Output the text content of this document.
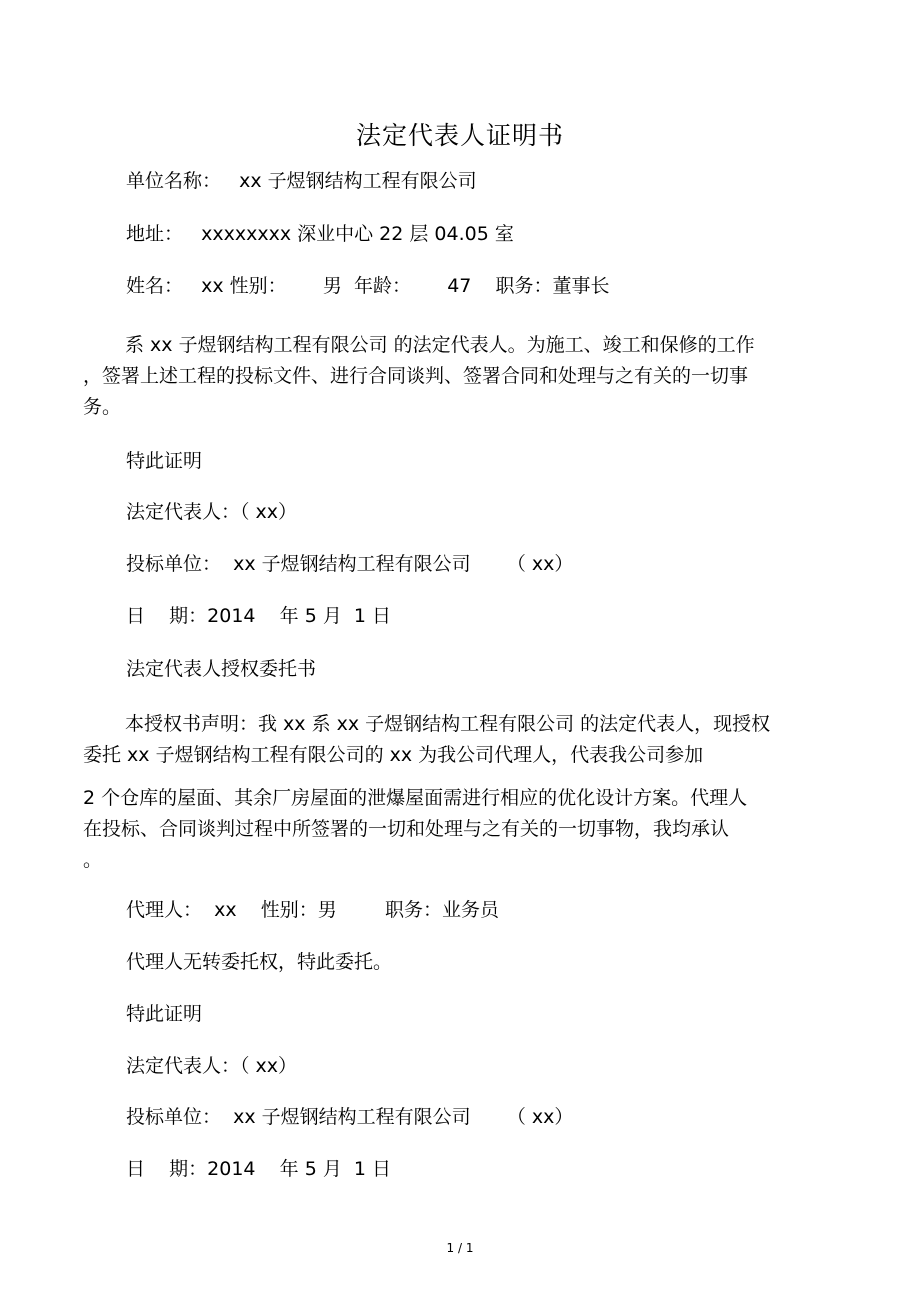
法定代表人证明书
单位名称：   xx 子煜钢结构工程有限公司
地址：   xxxxxxxx 深业中心 22 层 04.05 室
姓名：   xx 性别：      男  年龄：      47    职务：董事长
系 xx 子煜钢结构工程有限公司 的法定代表人。为施工、竣工和保修的工作
，签署上述工程的投标文件、进行合同谈判、签署合同和处理与之有关的一切事
务。
特此证明
法定代表人：（ xx）
投标单位：  xx 子煜钢结构工程有限公司      （ xx）
日    期：2014    年 5 月  1 日
法定代表人授权委托书
本授权书声明：我 xx 系 xx 子煜钢结构工程有限公司 的法定代表人，现授权
委托 xx 子煜钢结构工程有限公司的 xx 为我公司代理人，代表我公司参加
2 个仓库的屋面、其余厂房屋面的泄爆屋面需进行相应的优化设计方案。代理人
在投标、合同谈判过程中所签署的一切和处理与之有关的一切事物，我均承认
。
代理人：  xx    性别：男        职务：业务员
代理人无转委托权，特此委托。
特此证明
法定代表人：（ xx）
投标单位：  xx 子煜钢结构工程有限公司      （ xx）
日    期：2014    年 5 月  1 日
1 / 1
